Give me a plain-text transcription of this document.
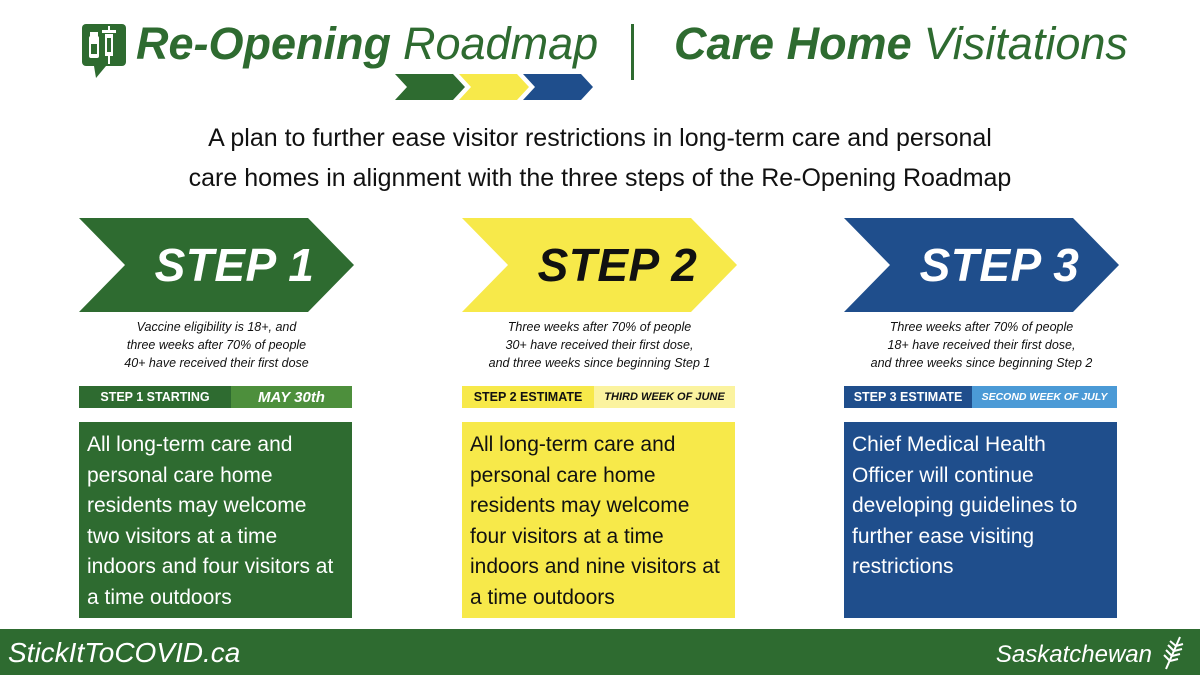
Re-Opening Roadmap Care Home Visitations
A plan to further ease visitor restrictions in long-term care and personal
care homes in alignment with the three steps of the Re-Opening Roadmap
STEP 1
Vaccine eligibility is 18+, and
three weeks after 70% of people
40+ have received their first dose
STEP 1 STARTING	MAY 30th
All long-term care and personal care home residents may welcome two visitors at a time indoors and four visitors at a time outdoors
STEP 2
Three weeks after 70% of people
30+ have received their first dose,
and three weeks since beginning Step 1
STEP 2 ESTIMATE	THIRD WEEK OF JUNE
All long-term care and personal care home residents may welcome four visitors at a time indoors and nine visitors at a time outdoors
STEP 3
Three weeks after 70% of people
18+ have received their first dose,
and three weeks since beginning Step 2
STEP 3 ESTIMATE	SECOND WEEK OF JULY
Chief Medical Health Officer will continue developing guidelines to further ease visiting restrictions
StickItToCOVID.ca	Saskatchewan
